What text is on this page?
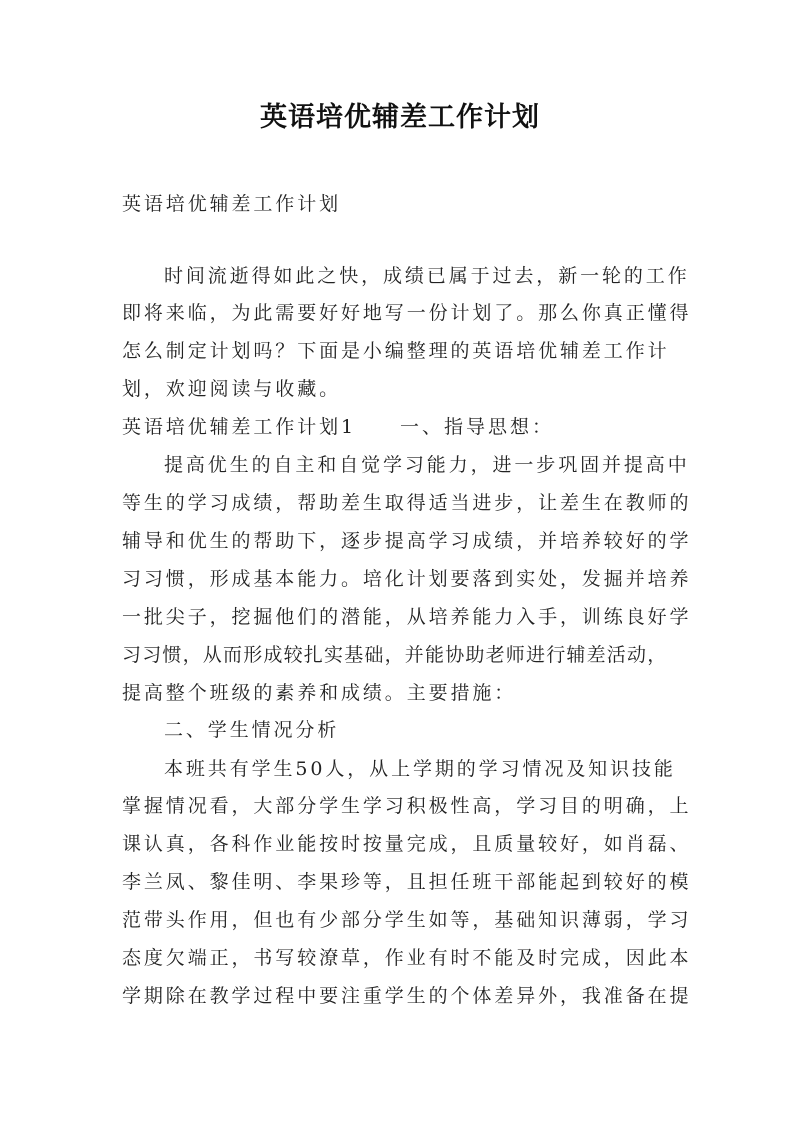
英语培优辅差工作计划
英语培优辅差工作计划
时间流逝得如此之快，成绩已属于过去，新一轮的工作
即将来临，为此需要好好地写一份计划了。那么你真正懂得
怎么制定计划吗？下面是小编整理的英语培优辅差工作计
划，欢迎阅读与收藏。
英语培优辅差工作计划1	一、指导思想：
提高优生的自主和自觉学习能力，进一步巩固并提高中
等生的学习成绩，帮助差生取得适当进步，让差生在教师的
辅导和优生的帮助下，逐步提高学习成绩，并培养较好的学
习习惯，形成基本能力。培化计划要落到实处，发掘并培养
一批尖子，挖掘他们的潜能，从培养能力入手，训练良好学
习习惯，从而形成较扎实基础，并能协助老师进行辅差活动，
提高整个班级的素养和成绩。主要措施：
二、学生情况分析
本班共有学生50人，从上学期的学习情况及知识技能
掌握情况看，大部分学生学习积极性高，学习目的明确，上
课认真，各科作业能按时按量完成，且质量较好，如肖磊、
李兰凤、黎佳明、李果珍等，且担任班干部能起到较好的模
范带头作用，但也有少部分学生如等，基础知识薄弱，学习
态度欠端正，书写较潦草，作业有时不能及时完成，因此本
学期除在教学过程中要注重学生的个体差异外，我准备在提
